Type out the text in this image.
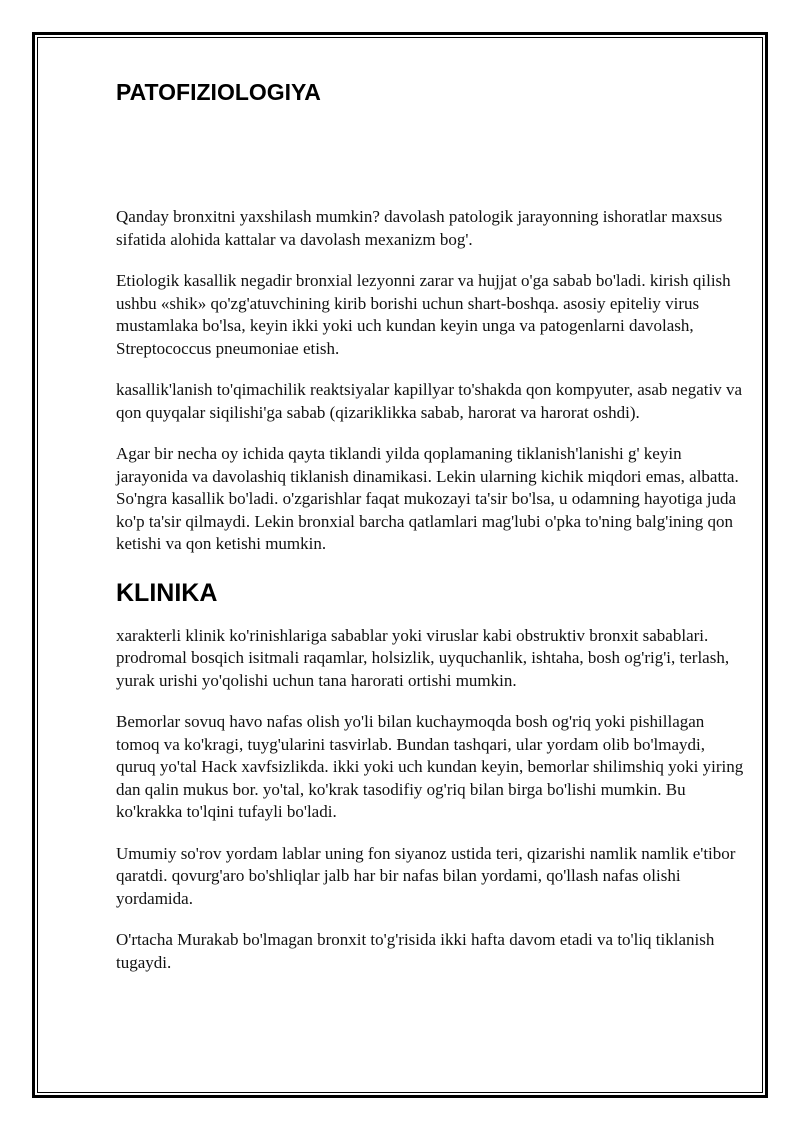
PATOFIZIOLOGIYA

Qanday bronxitni yaxshilash mumkin? davolash patologik jarayonning ishoratlar maxsus sifatida alohida kattalar va davolash mexanizm bog'.

Etiologik kasallik negadir bronxial lezyonni zarar va hujjat o'ga sabab bo'ladi. kirish qilish ushbu «shik» qo'zg'atuvchining kirib borishi uchun shart-boshqa. asosiy epiteliy virus mustamlaka bo'lsa, keyin ikki yoki uch kundan keyin unga va patogenlarni davolash, Streptococcus pneumoniae etish.

kasallik'lanish to'qimachilik reaktsiyalar kapillyar to'shakda qon kompyuter, asab negativ va qon quyqalar siqilishi'ga sabab (qizariklikka sabab, harorat va harorat oshdi).

Agar bir necha oy ichida qayta tiklandi yilda qoplamaning tiklanish'lanishi g' keyin jarayonida va davolashiq tiklanish dinamikasi. Lekin ularning kichik miqdori emas, albatta. So'ngra kasallik bo'ladi. o'zgarishlar faqat mukozayi ta'sir bo'lsa, u odamning hayotiga juda ko'p ta'sir qilmaydi. Lekin bronxial barcha qatlamlari mag'lubi o'pka to'ning balg'ining qon ketishi va qon ketishi mumkin.

KLINIKA

xarakterli klinik ko'rinishlariga sabablar yoki viruslar kabi obstruktiv bronxit sabablari. prodromal bosqich isitmali raqamlar, holsizlik, uyquchanlik, ishtaha, bosh og'rig'i, terlash, yurak urishi yo'qolishi uchun tana harorati ortishi mumkin.

Bemorlar sovuq havo nafas olish yo'li bilan kuchaymoqda bosh og'riq yoki pishillagan tomoq va ko'kragi, tuyg'ularini tasvirlab. Bundan tashqari, ular yordam olib bo'lmaydi, quruq yo'tal Hack xavfsizlikda. ikki yoki uch kundan keyin, bemorlar shilimshiq yoki yiring dan qalin mukus bor. yo'tal, ko'krak tasodifiy og'riq bilan birga bo'lishi mumkin. Bu ko'krakka to'lqini tufayli bo'ladi.

Umumiy so'rov yordam lablar uning fon siyanoz ustida teri, qizarishi namlik namlik e'tibor qaratdi. qovurg'aro bo'shliqlar jalb har bir nafas bilan yordami, qo'llash nafas olishi yordamida.

O'rtacha Murakab bo'lmagan bronxit to'g'risida ikki hafta davom etadi va to'liq tiklanish tugaydi.
